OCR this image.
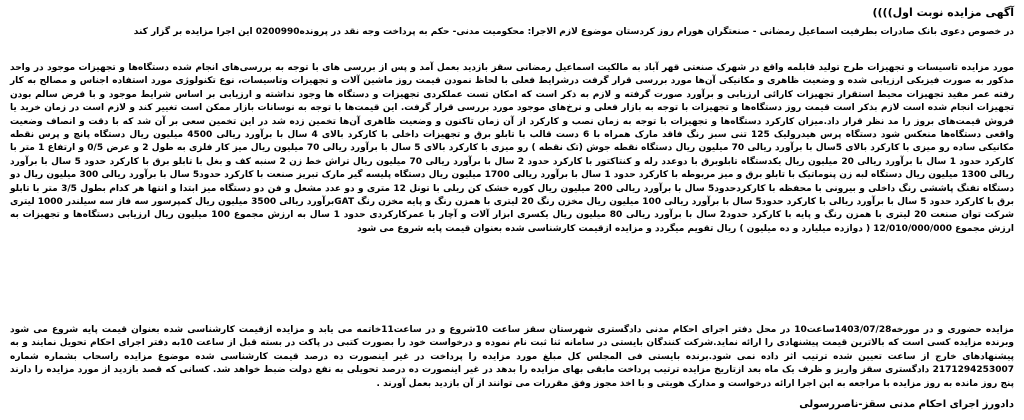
آگهی مزایده نوبت اول))))

در خصوص دعوی بانک صادرات بطرفیت اسماعیل رمضانی - صنعتگران هورام روز کردستان موضوع لازم الاجرا: محکومیت مدنی- حکم به پرداخت وجه نقد در پرونده0200990 این اجرا مزایده بر گزار کند

مورد مزایده تاسیسات و تجهیزات طرح تولید قابلمه واقع در شهرک صنعتی قهر آباد به مالکیت اسماعیل رمضانی سقز بازدید بعمل آمد و پس از بررسی های با توجه به بررسی‌های انجام شده دستگاه‌ها و تجهیزات موجود در واحد مذکور به صورت فیزیکی ارزیابی شده و وضعیت ظاهری و مکانیکی آن‌ها مورد بررسی قرار گرفت درشرایط فعلی با لحاظ نمودن قیمت روز ماشین آلات و تجهیزات وتاسیسات، نوع تکنولوژی مورد استفاده اجناس و مصالح به کار رفته عمر مفید تجهیزات محیط استقرار تجهیزات کارائی ارزیابی و برآورد صورت گرفته و لازم به ذکر است که امکان تست عملکردی تجهیزات و دستگاه ها وجود نداشته و ارزیابی بر اساس شرایط موجود و با فرض سالم بودن تجهیزات انجام شده است لازم بذکر است قیمت روز دستگاه‌ها و تجهیزات با توجه به بازار فعلی و نرخ‌های موجود مورد بررسی قرار گرفت. این قیمت‌ها با توجه به نوسانات بازار ممکن است تغییر کند و لازم است در زمان خرید یا فروش قیمت‌های بروز را مد نظر قرار داد.میزان کارکرد دستگاه‌ها و تجهیزات با توجه به زمان نصب و کارکرد از آن زمان تاکنون و وضعیت ظاهری آن‌ها تخمین زده شد در این تخمین سعی بر آن شد که با دقت و انصاف وضعیت واقعی دستگاه‌ها منعکس شود دستگاه پرس هیدرولیک 125 تنی سبز رنگ فاقد مارک همراه با 6 دست قالب با تابلو برق و تجهیزات داخلی با کارکرد بالای 4 سال با برآورد ریالی 4500 میلیون ریال دستگاه پانچ و پرس نقطه مکانیکی ساده رو میزی با کارکرد بالای 5سال با برآورد ریالی 70 میلیون ریال دستگاه نقطه جوش (تک نقطه ) رو میزی با کارکرد بالای 5 سال با برآورد ریالی 70 میلیون ریال میز کار فلزی به طول 2 و عرض 0/5 و ارتفاع 1 متر با کارکرد حدود 1 سال با برآورد ریالی 20 میلیون ریال یکدستگاه تابلوبرق با دوعدد رله و کنتاکتور با کارکرد حدود 2 سال با برآورد ریالی 70 میلیون ریال تراش خط زن 2 سنبه کف و بغل با تابلو برق با کارکرد حدود 5 سال با برآورد ریالی 1300 میلیون ریال دستگاه لبه زن پنوماتیک با تابلو برق و میز مربوطه با کارکرد حدود 1 سال با برآورد ریالی 1700 میلیون ریال دستگاه پلیسه گیر مارک تبریز صنعت با کارکرد حدود5 سال با برآورد ریالی 300 میلیون ریال دو دستگاه تفنگ پاششی رنگ داخلی و بیرونی با محفظه با کارکردحدود5 سال با برآورد ریالی 200 میلیون ریال کوره خشک کن ریلی با تونل 12 متری و دو عدد مشعل و فن دو دستگاه میز ابتدا و انتها هر کدام بطول 3/5 متر با تابلو برق با کارکرد حدود 5 سال با برآورد ریالی با کارکرد حدود5 سال با برآورد ریالی 100 میلیون ریال مخزن رنگ 20 لیتری با همزن رنگ و پایه مخزن رنگ GATبرآورد ریالی 3500 میلیون ریال کمپرسور سه فاز سه سیلندر 1000 لیتری شرکت توان صنعت 20 لیتری با همزن رنگ و پایه با کارکرد حدود2 سال با برآورد ریالی 80 میلیون ریال یکسری ابزار آلات و آچار با عمرکارکردی حدود 1 سال به ارزش مجموع 100 میلیون ریال ارزیابی دستگاه‌ها و تجهیزات به ارزش مجموع 12/010/000/000 ( دوازده میلیارد و ده میلیون ) ریال تقویم میگردد و مزایده ازقیمت کارشناسی شده بعنوان قیمت پایه شروع می شود

مزایده حضوری و در مورخه1403/07/28ساعت10 در محل دفتر اجرای احکام مدنی دادگستری شهرستان سقز ساعت 10شروع و در ساعت11خاتمه می یابد و مزایده ازقیمت کارشناسی شده بعنوان قیمت پایه شروع می شود وبرنده مزایده کسی است که بالاترین قیمت پیشنهادی را ارائه نماید.شرکت کنندگان بایستی در سامانه ثنا ثبت نام نموده و درخواست خود را بصورت کتبی در پاکت در بسته قبل از ساعت 10به دفتر اجرای احکام تحویل نمایند و به پیشنهادهای خارج از ساعت تعیین شده ترتیب اثر داده نمی شود.برنده بایستی فی المجلس کل مبلغ مورد مزایده را پرداخت در غیر اینصورت ده درصد قیمت کارشناسی شده موضوع مزایده راسحاب بشماره شماره 2171294253007 دادگستری سقز واریز و ظرف یک ماه بعد ازتاریخ مزایده ترتیب پرداخت مابقی بهای مزایده را بدهد در غیر اینصورت ده درصد تحویلی به نفع دولت ضبط خواهد شد. کسانی که قصد بازدید از مورد مزایده را دارند پنج روز مانده به روز مزایده با مراجعه به این اجرا ارائه درخواست و مدارک هویتی و با اخذ مجوز وفق مقررات می توانند از آن بازدید بعمل آورند .

دادورز اجرای احکام مدنی سقز-ناصررسولی
